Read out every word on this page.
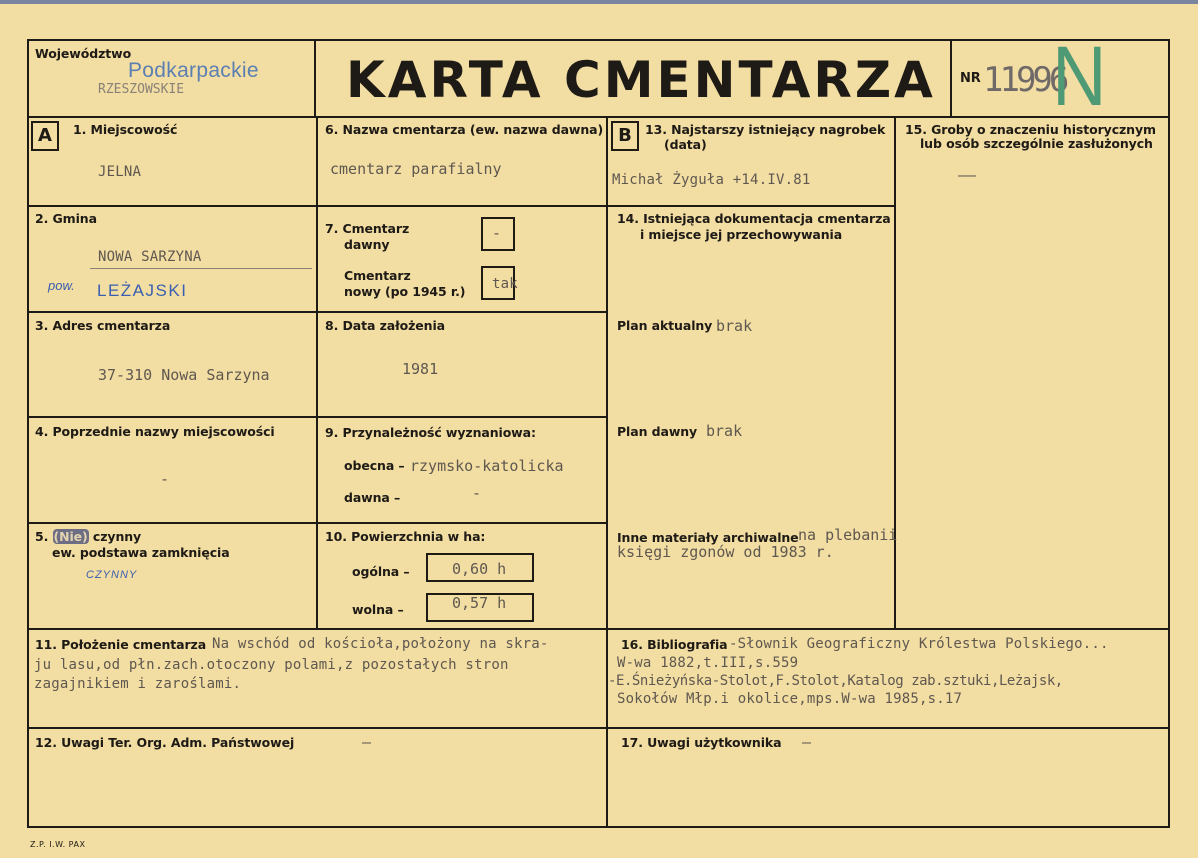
Województwo
Podkarpackie
RZESZOWSKIE	KARTA CMENTARZA NR 11996
N
A	1. Miejscowość
JELNA
2. Gmina
NOWA SARZYNA
pow. LEŻAJSKI
3. Adres cmentarza
37-310 Nowa Sarzyna
4. Poprzednie nazwy miejscowości
-
5. (Nie) czynny
ew. podstawa zamknięcia
CZYNNY
6. Nazwa cmentarza (ew. nazwa dawna)
cmentarz parafialny
7. Cmentarz
dawny
-
Cmentarz
nowy (po 1945 r.) tak
8. Data założenia
1981
9. Przynależność wyznaniowa:
obecna – rzymsko-katolicka
dawna –	-
10. Powierzchnia w ha:
ogólna –	0,60 h
wolna –	0,57 h
B	13. Najstarszy istniejący nagrobek
(data)
Michał Żyguła +14.IV.81
14. Istniejąca dokumentacja cmentarza
i miejsce jej przechowywania
Plan aktualny brak
Plan dawny brak
Inne materiały archiwalne na plebanii
księgi zgonów od 1983 r.
15. Groby o znaczeniu historycznym
lub osób szczególnie zasłużonych
——
11. Położenie cmentarza Na wschód od kościoła,położony na skra-
ju lasu,od płn.zach.otoczony polami,z pozostałych stron
zagajnikiem i zaroślami.
16. Bibliografia -Słownik Geograficzny Królestwa Polskiego...
W-wa 1882,t.III,s.559
-E.Śnieżyńska-Stolot,F.Stolot,Katalog zab.sztuki,Leżajsk,
Sokołów Młp.i okolice,mps.W-wa 1985,s.17
12. Uwagi Ter. Org. Adm. Państwowej	—	17. Uwagi użytkownika —
Z.P. I.W. PAX
